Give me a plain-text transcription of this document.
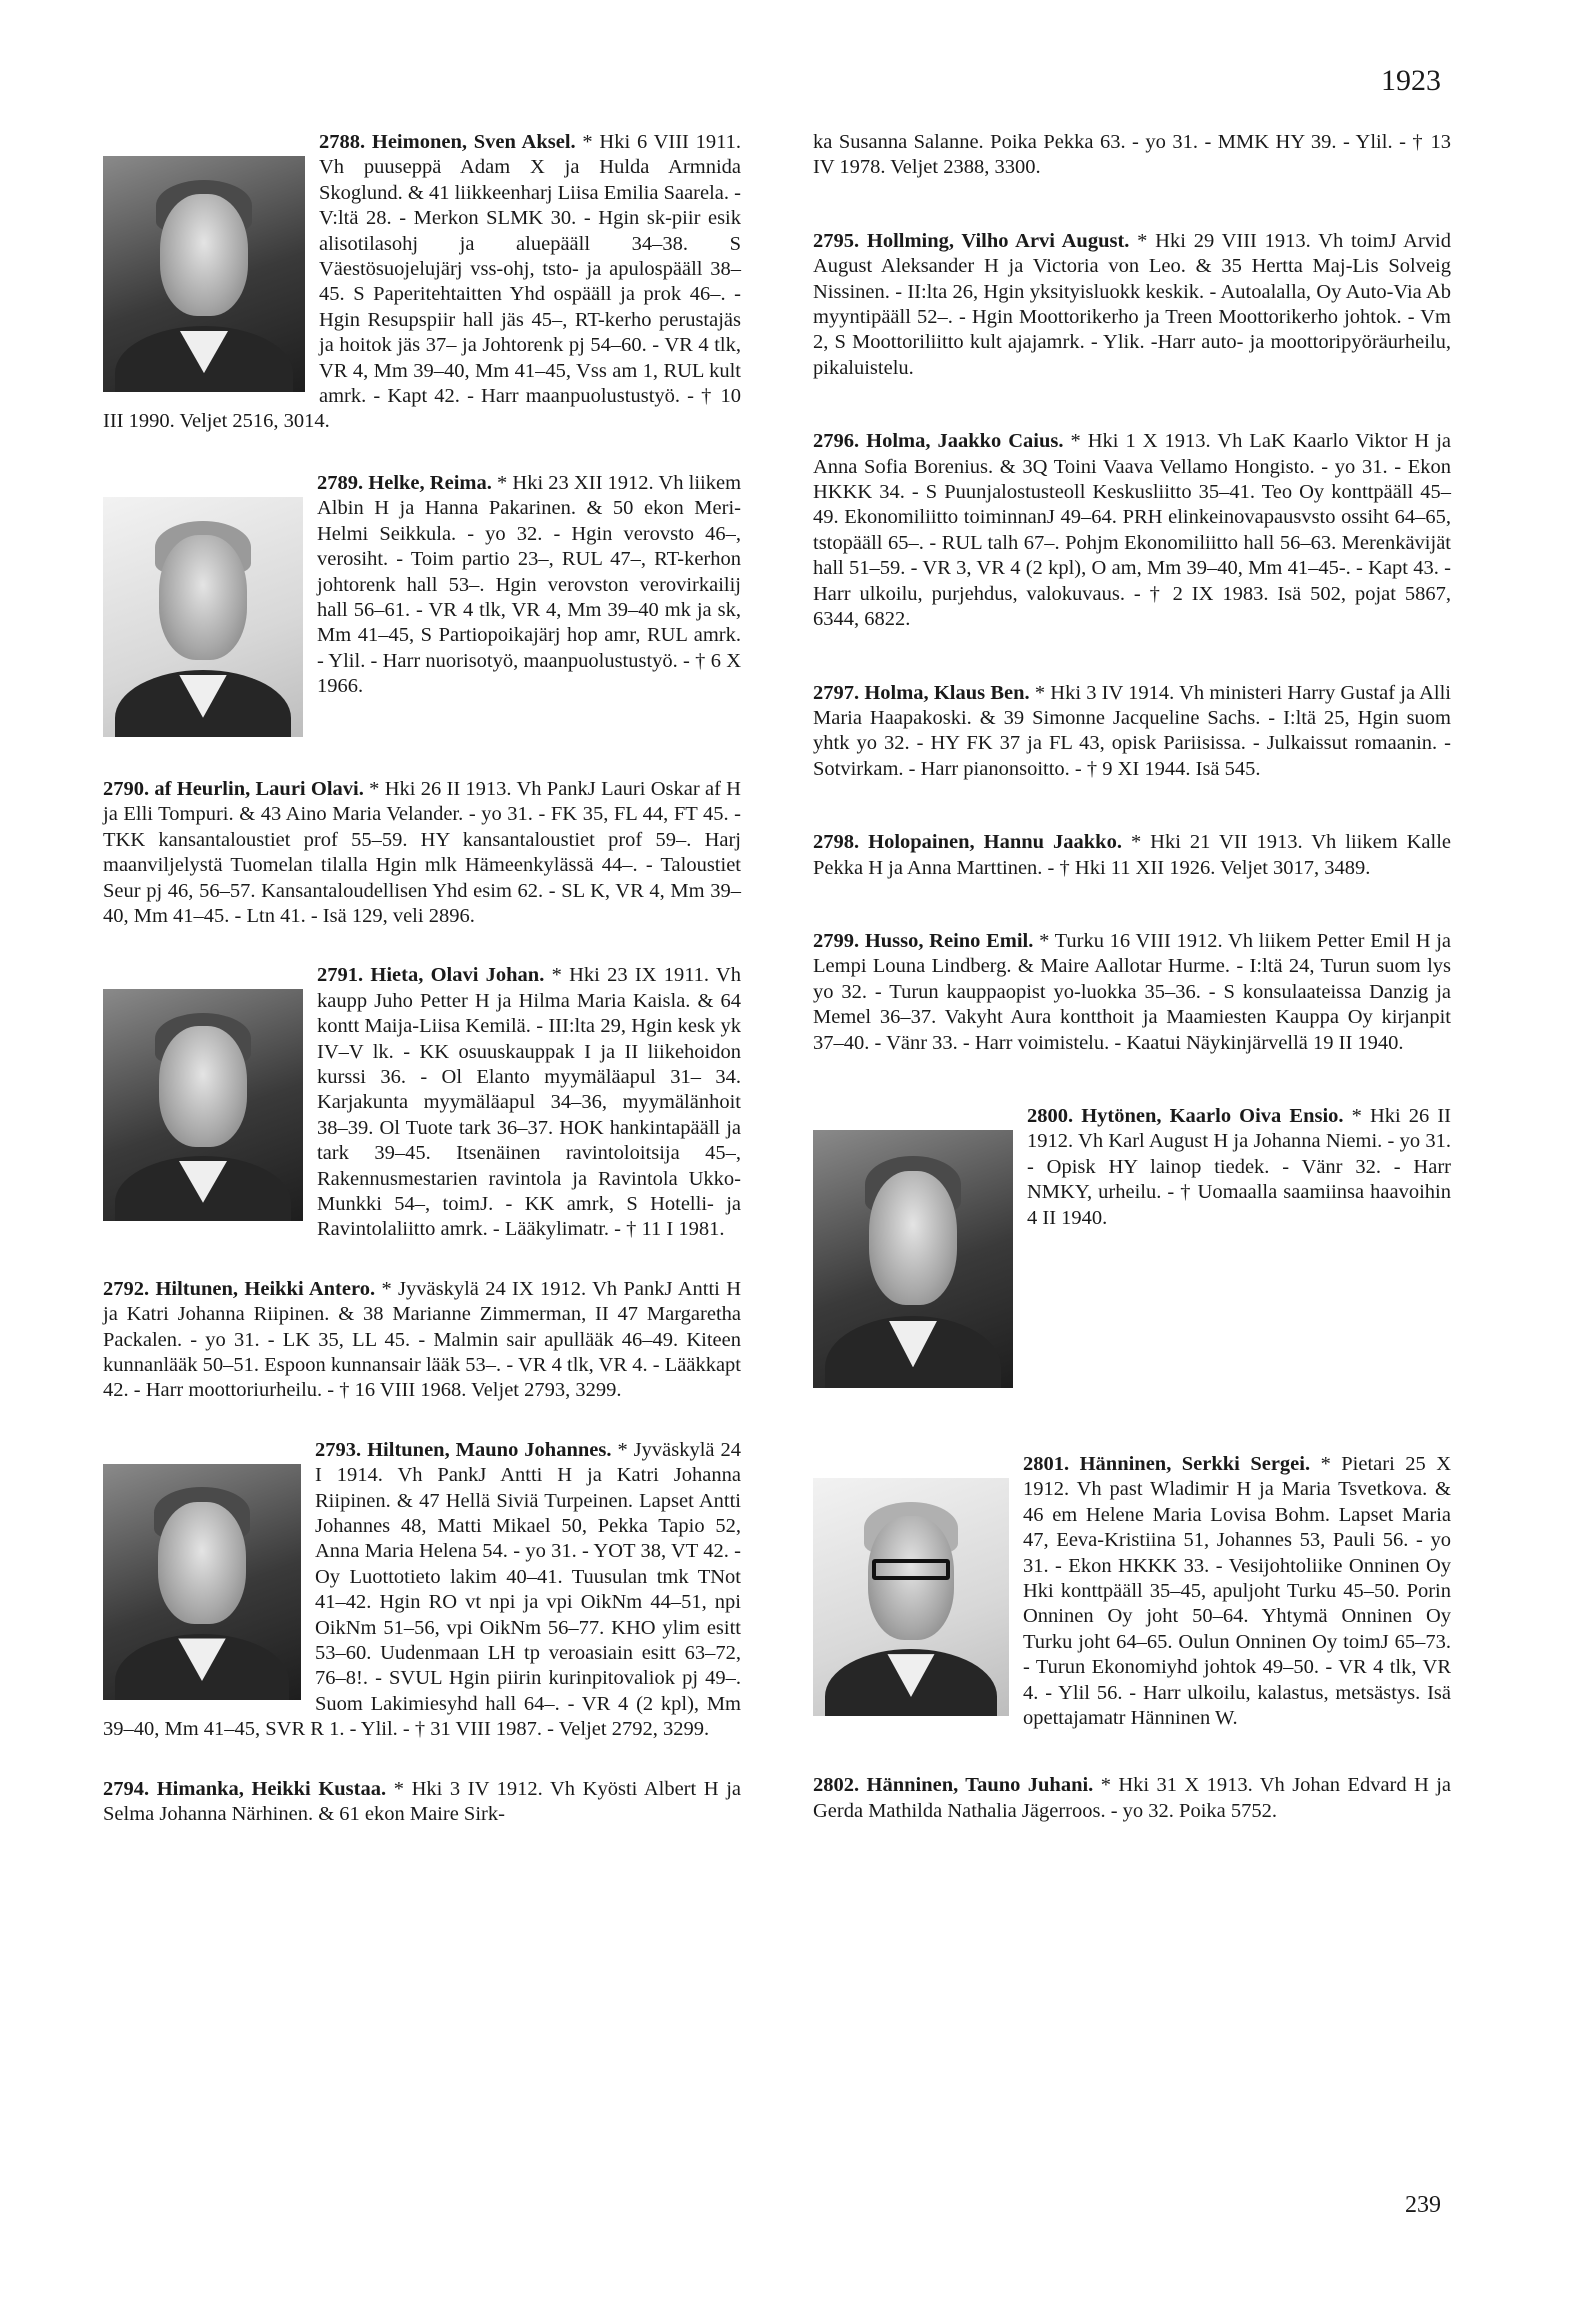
1923
2788. Heimonen, Sven Aksel. * Hki 6 VIII 1911. Vh puuseppä Adam X ja Hulda Armnida Skoglund. & 41 liikkeenharj Liisa Emilia Saarela. - V:ltä 28. - Merkon SLMK 30. - Hgin sk-piir esik alisotilasohj ja aluepääll 34–38. S Väestösuojelujärj vss-ohj, tsto- ja apulospääll 38–45. S Paperitehtaitten Yhd ospääll ja prok 46–. - Hgin Resupspiir hall jäs 45–, RT-kerho perustajäs ja hoitok jäs 37– ja Johtorenk pj 54–60. - VR 4 tlk, VR 4, Mm 39–40, Mm 41–45, Vss am 1, RUL kult amrk. - Kapt 42. - Harr maanpuolustustyö. - † 10 III 1990. Veljet 2516, 3014.
2789. Helke, Reima. * Hki 23 XII 1912. Vh liikem Albin H ja Hanna Pakarinen. & 50 ekon Meri-Helmi Seikkula. - yo 32. - Hgin verovsto 46–, verosiht. - Toim partio 23–, RUL 47–, RT-kerhon johtorenk hall 53–. Hgin verovston verovirkailij hall 56–61. - VR 4 tlk, VR 4, Mm 39–40 mk ja sk, Mm 41–45, S Partiopoikajärj hop amr, RUL amrk. - Ylil. - Harr nuorisotyö, maanpuolustustyö. - † 6 X 1966.
2790. af Heurlin, Lauri Olavi. * Hki 26 II 1913. Vh PankJ Lauri Oskar af H ja Elli Tompuri. & 43 Aino Maria Velander. - yo 31. - FK 35, FL 44, FT 45. - TKK kansantaloustiet prof 55–59. HY kansantaloustiet prof 59–. Harj maanviljelystä Tuomelan tilalla Hgin mlk Hämeenkylässä 44–. - Taloustiet Seur pj 46, 56–57. Kansantaloudellisen Yhd esim 62. - SL K, VR 4, Mm 39–40, Mm 41–45. - Ltn 41. - Isä 129, veli 2896.
2791. Hieta, Olavi Johan. * Hki 23 IX 1911. Vh kaupp Juho Petter H ja Hilma Maria Kaisla. & 64 kontt Maija-Liisa Kemilä. - III:lta 29, Hgin kesk yk IV–V lk. - KK osuuskauppak I ja II liikehoidon kurssi 36. - Ol Elanto myymäläapul 31– 34. Karjakunta myymäläapul 34–36, myymälänhoit 38–39. Ol Tuote tark 36–37. HOK hankintapääll ja tark 39–45. Itsenäinen ravintoloitsija 45–, Rakennusmestarien ravintola ja Ravintola Ukko-Munkki 54–, toimJ. - KK amrk, S Hotelli- ja Ravintolaliitto amrk. - Lääkylimatr. - † 11 I 1981.
2792. Hiltunen, Heikki Antero. * Jyväskylä 24 IX 1912. Vh PankJ Antti H ja Katri Johanna Riipinen. & 38 Marianne Zimmerman, II 47 Margaretha Packalen. - yo 31. - LK 35, LL 45. - Malmin sair apullääk 46–49. Kiteen kunnanlääk 50–51. Espoon kunnansair lääk 53–. - VR 4 tlk, VR 4. - Lääkkapt 42. - Harr moottoriurheilu. - † 16 VIII 1968. Veljet 2793, 3299.
2793. Hiltunen, Mauno Johannes. * Jyväskylä 24 I 1914. Vh PankJ Antti H ja Katri Johanna Riipinen. & 47 Hellä Siviä Turpeinen. Lapset Antti Johannes 48, Matti Mikael 50, Pekka Tapio 52, Anna Maria Helena 54. - yo 31. - YOT 38, VT 42. - Oy Luottotieto lakim 40–41. Tuusulan tmk TNot 41–42. Hgin RO vt npi ja vpi OikNm 44–51, npi OikNm 51–56, vpi OikNm 56–77. KHO ylim esitt 53–60. Uudenmaan LH tp veroasiain esitt 63–72, 76–8!. - SVUL Hgin piirin kurinpitovaliok pj 49–. Suom Lakimiesyhd hall 64–. - VR 4 (2 kpl), Mm 39–40, Mm 41–45, SVR R 1. - Ylil. - † 31 VIII 1987. - Veljet 2792, 3299.
2794. Himanka, Heikki Kustaa. * Hki 3 IV 1912. Vh Kyösti Albert H ja Selma Johanna Närhinen. & 61 ekon Maire Sirk-
ka Susanna Salanne. Poika Pekka 63. - yo 31. - MMK HY 39. - Ylil. - † 13 IV 1978. Veljet 2388, 3300.
2795. Hollming, Vilho Arvi August. * Hki 29 VIII 1913. Vh toimJ Arvid August Aleksander H ja Victoria von Leo. & 35 Hertta Maj-Lis Solveig Nissinen. - II:lta 26, Hgin yksityisluokk keskik. - Autoalalla, Oy Auto-Via Ab myyntipääll 52–. - Hgin Moottorikerho ja Treen Moottorikerho johtok. - Vm 2, S Moottoriliitto kult ajajamrk. - Ylik. -Harr auto- ja moottoripyöräurheilu, pikaluistelu.
2796. Holma, Jaakko Caius. * Hki 1 X 1913. Vh LaK Kaarlo Viktor H ja Anna Sofia Borenius. & 3Q Toini Vaava Vellamo Hongisto. - yo 31. - Ekon HKKK 34. - S Puunjalostusteoll Keskusliitto 35–41. Teo Oy konttpääll 45– 49. Ekonomiliitto toiminnanJ 49–64. PRH elinkeinovapausvsto ossiht 64–65, tstopääll 65–. - RUL talh 67–. Pohjm Ekonomiliitto hall 56–63. Merenkävijät hall 51–59. - VR 3, VR 4 (2 kpl), O am, Mm 39–40, Mm 41–45-. - Kapt 43. - Harr ulkoilu, purjehdus, valokuvaus. - † 2 IX 1983. Isä 502, pojat 5867, 6344, 6822.
2797. Holma, Klaus Ben. * Hki 3 IV 1914. Vh ministeri Harry Gustaf ja Alli Maria Haapakoski. & 39 Simonne Jacqueline Sachs. - I:ltä 25, Hgin suom yhtk yo 32. - HY FK 37 ja FL 43, opisk Pariisissa. - Julkaissut romaanin. - Sotvirkam. - Harr pianonsoitto. - † 9 XI 1944. Isä 545.
2798. Holopainen, Hannu Jaakko. * Hki 21 VII 1913. Vh liikem Kalle Pekka H ja Anna Marttinen. - † Hki 11 XII 1926. Veljet 3017, 3489.
2799. Husso, Reino Emil. * Turku 16 VIII 1912. Vh liikem Petter Emil H ja Lempi Louna Lindberg. & Maire Aallotar Hurme. - I:ltä 24, Turun suom lys yo 32. - Turun kauppaopist yo-luokka 35–36. - S konsulaateissa Danzig ja Memel 36–37. Vakyht Aura kontthoit ja Maamiesten Kauppa Oy kirjanpit 37–40. - Vänr 33. - Harr voimistelu. - Kaatui Näykinjärvellä 19 II 1940.
2800. Hytönen, Kaarlo Oiva Ensio. * Hki 26 II 1912. Vh Karl August H ja Johanna Niemi. - yo 31. - Opisk HY lainop tiedek. - Vänr 32. - Harr NMKY, urheilu. - † Uomaalla saamiinsa haavoihin 4 II 1940.
2801. Hänninen, Serkki Sergei. * Pietari 25 X 1912. Vh past Wladimir H ja Maria Tsvetkova. & 46 em Helene Maria Lovisa Bohm. Lapset Maria 47, Eeva-Kristiina 51, Johannes 53, Pauli 56. - yo 31. - Ekon HKKK 33. - Vesijohtoliike Onninen Oy Hki konttpääll 35–45, apuljoht Turku 45–50. Porin Onninen Oy joht 50–64. Yhtymä Onninen Oy Turku joht 64–65. Oulun Onninen Oy toimJ 65–73. - Turun Ekonomiyhd johtok 49–50. - VR 4 tlk, VR 4. - Ylil 56. - Harr ulkoilu, kalastus, metsästys. Isä opettajamatr Hänninen W.
2802. Hänninen, Tauno Juhani. * Hki 31 X 1913. Vh Johan Edvard H ja Gerda Mathilda Nathalia Jägerroos. - yo 32. Poika 5752.
239
